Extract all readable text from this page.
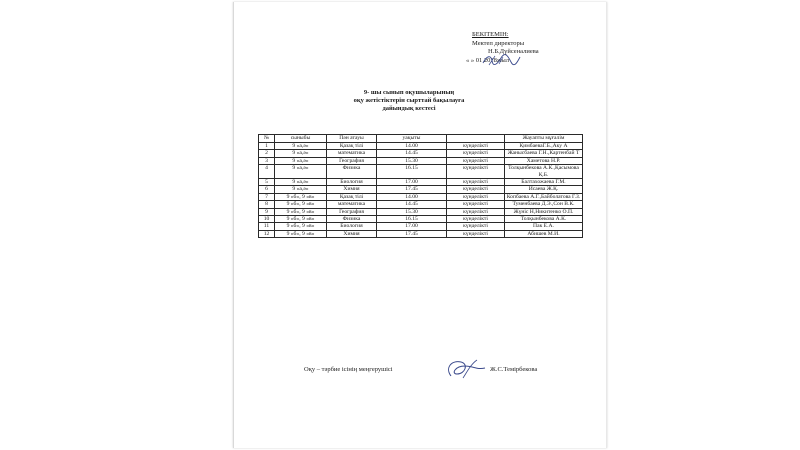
БЕКІТЕМІН:
Мектеп директоры
Н.Б.Дүйсеналиева
« » 01 2018жыл
9- шы сынып оқушыларының
оқу жетістіктерін сырттай бақылауға
дайындық кестесі
№	сыныбы	Пән атауы	уақыты		Жауапты мұғалім
1	9 «а,ә»	Қазақ тілі	14.00	күнделікті	ҚимбаеваГ.Б.,Аку А
2	9 «а,ә»	математика	14.45	күнделікті	Жаныcбаева Г.Н.,Картенбай Т
3	9 «а,ә»	География	15.30	күнделікті	Хаметова Н.Р.
4	9 «а,ә»	Физика	16.15	күнделікті	Толқынбекова А.К.,Қасымова Қ.Б.
5	9 «а,ә»	Биология	17.00	күнделікті	Балтахожаева Г.М.
6	9 «а,ә»	Химия	17.45	күнделікті	Исаева Ж.Қ.
7	9 «б», 9 «в»	Қазақ тілі	14.00	күнделікті	Копбаева А.Г.,Байболатова Г.З.
8	9 «б», 9 «в»	математика	14.45	күнделікті	Туменбаева Д.Э.,Сон В.К.
9	9 «б», 9 «в»	География	15.30	күнделікті	Жүніс Н,Никитенко О.П.
10	9 «б», 9 «в»	Физика	16.15	күнделікті	Толқынбекова А.К.
11	9 «б», 9 «в»	Биология	17.00	күнделікті	Пак Е.А.
12	9 «б», 9 «в»	Химия	17.45	күнделікті	Абишев М.И.
Оқу – тәрбие ісінің меңгерушісі	Ж.С.Темірбекова
